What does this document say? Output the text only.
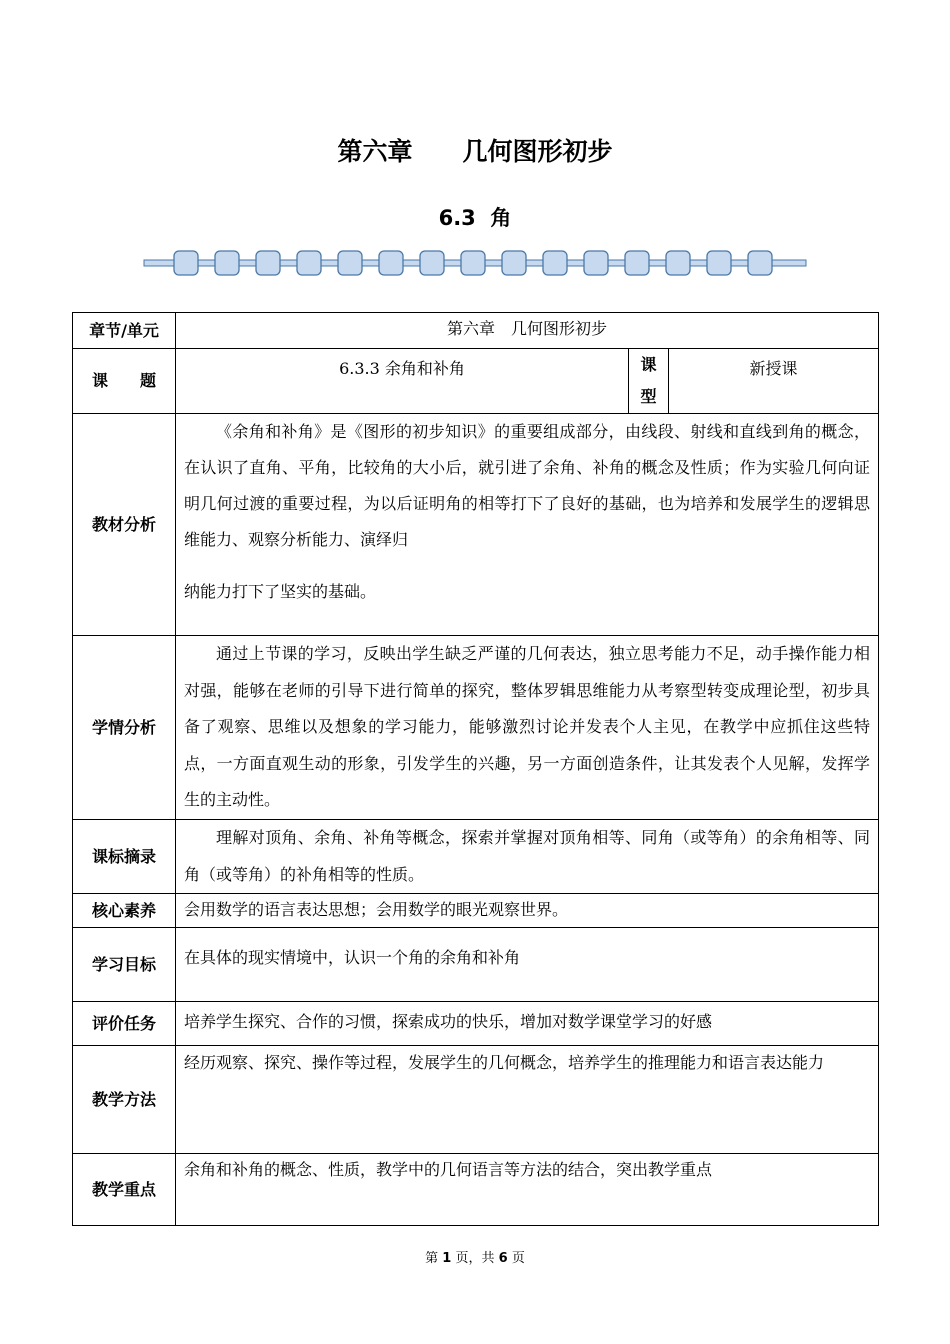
第六章　　几何图形初步
6.3  角
章节/单元	第六章　几何图形初步		
课　　题	6.3.3 余角和补角	课型	新授课
教材分析	《余角和补角》是《图形的初步知识》的重要组成部分，由线段、射线和直线到角的概念，在认识了直角、平角，比较角的大小后，就引进了余角、补角的概念及性质；作为实验几何向证明几何过渡的重要过程，为以后证明角的相等打下了良好的基础，也为培养和发展学生的逻辑思维能力、观察分析能力、演绎归
纳能力打下了坚实的基础。		

学情分析	通过上节课的学习，反映出学生缺乏严谨的几何表达，独立思考能力不足，动手操作能力相对强，能够在老师的引导下进行简单的探究，整体罗辑思维能力从考察型转变成理论型，初步具备了观察、思维以及想象的学习能力，能够激烈讨论并发表个人主见，在教学中应抓住这些特点，一方面直观生动的形象，引发学生的兴趣，另一方面创造条件，让其发表个人见解，发挥学生的主动性。		

课标摘录	理解对顶角、余角、补角等概念，探索并掌握对顶角相等、同角（或等角）的余角相等、同角（或等角）的补角相等的性质。		

核心素养	会用数学的语言表达思想；会用数学的眼光观察世界。		
学习目标	在具体的现实情境中，认识一个角的余角和补角		
评价任务	培养学生探究、合作的习惯，探索成功的快乐，增加对数学课堂学习的好感		
教学方法	经历观察、探究、操作等过程，发展学生的几何概念，培养学生的推理能力和语言表达能力		
教学重点	余角和补角的概念、性质，教学中的几何语言等方法的结合，突出教学重点		
第 1 页，共 6 页
